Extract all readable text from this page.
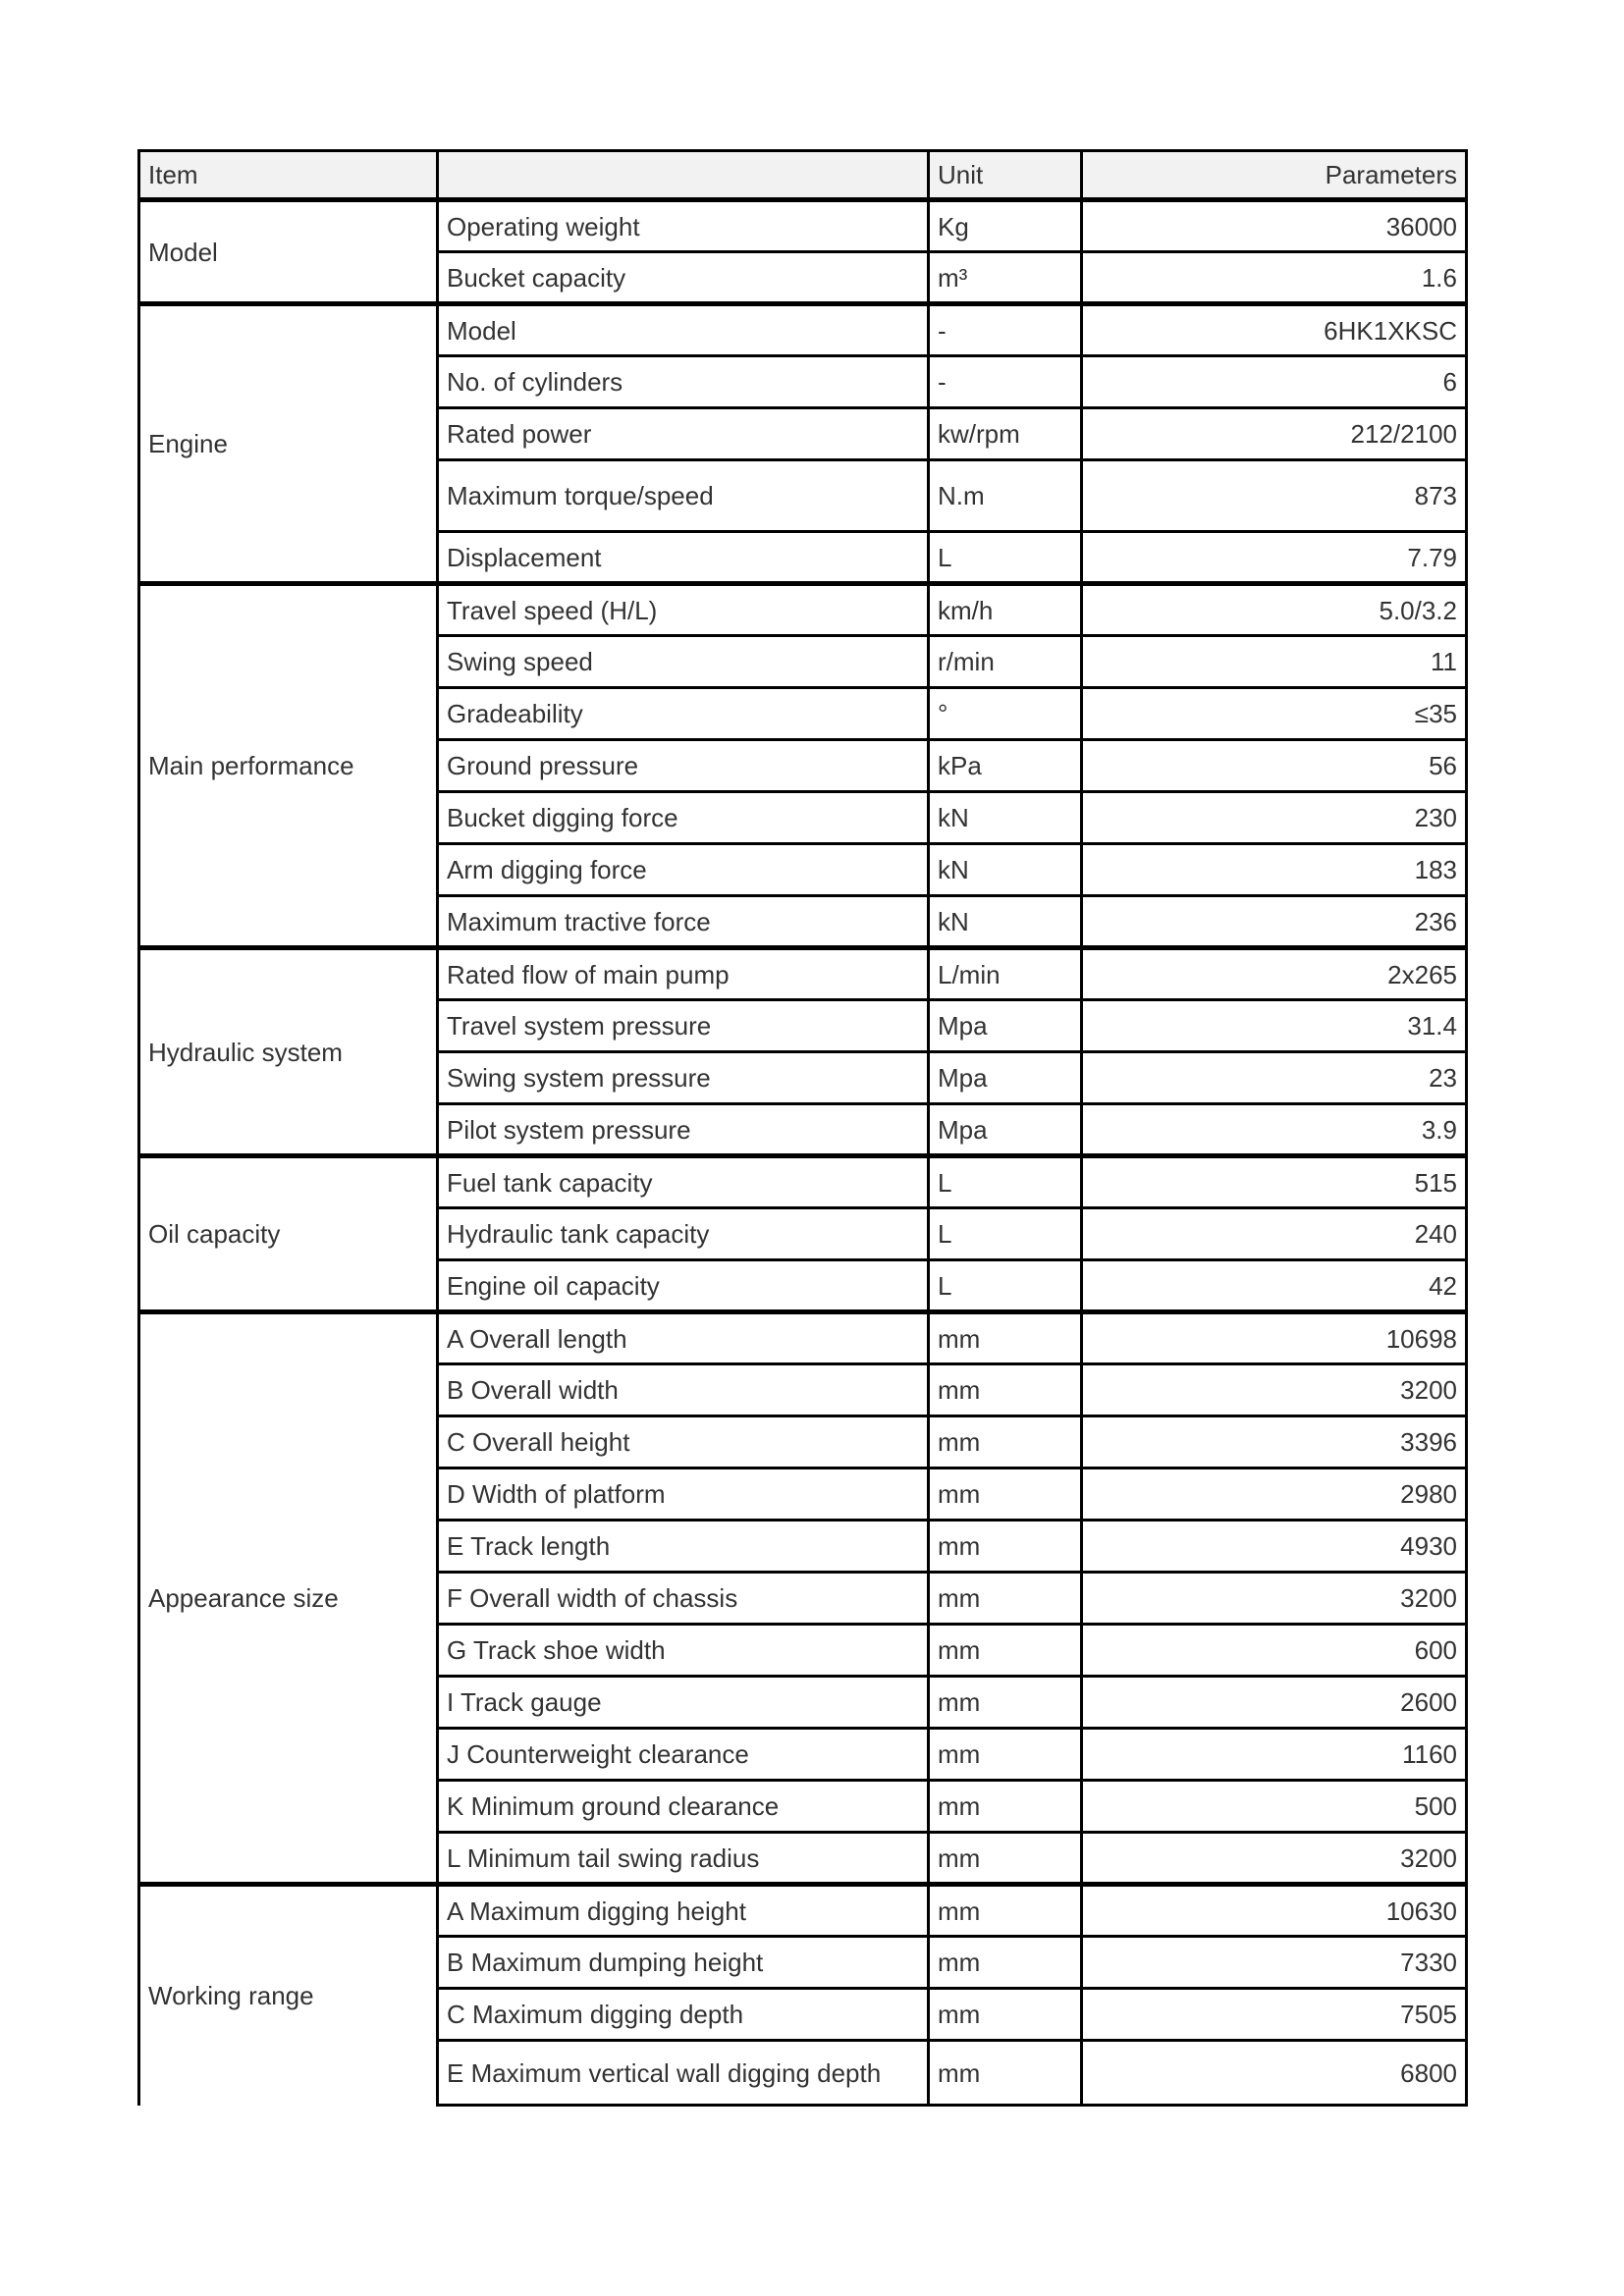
Item		Unit	Parameters
Model	Operating weight	Kg	36000
	Bucket capacity	m³	1.6
Engine	Model	-	6HK1XKSC
	No. of cylinders	-	6
	Rated power	kw/rpm	212/2100
	Maximum torque/speed	N.m	873
	Displacement	L	7.79
Main performance	Travel speed (H/L)	km/h	5.0/3.2
	Swing speed	r/min	11
	Gradeability	°	≤35
	Ground pressure	kPa	56
	Bucket digging force	kN	230
	Arm digging force	kN	183
	Maximum tractive force	kN	236
Hydraulic system	Rated flow of main pump	L/min	2x265
	Travel system pressure	Mpa	31.4
	Swing system pressure	Mpa	23
	Pilot system pressure	Mpa	3.9
Oil capacity	Fuel tank capacity	L	515
	Hydraulic tank capacity	L	240
	Engine oil capacity	L	42
Appearance size	A Overall length	mm	10698
	B Overall width	mm	3200
	C Overall height	mm	3396
	D Width of platform	mm	2980
	E Track length	mm	4930
	F Overall width of chassis	mm	3200
	G Track shoe width	mm	600
	I Track gauge	mm	2600
	J Counterweight clearance	mm	1160
	K Minimum ground clearance	mm	500
	L Minimum tail swing radius	mm	3200
Working range	A Maximum digging height	mm	10630
	B Maximum dumping height	mm	7330
	C Maximum digging depth	mm	7505
	E Maximum vertical wall digging depth	mm	6800
